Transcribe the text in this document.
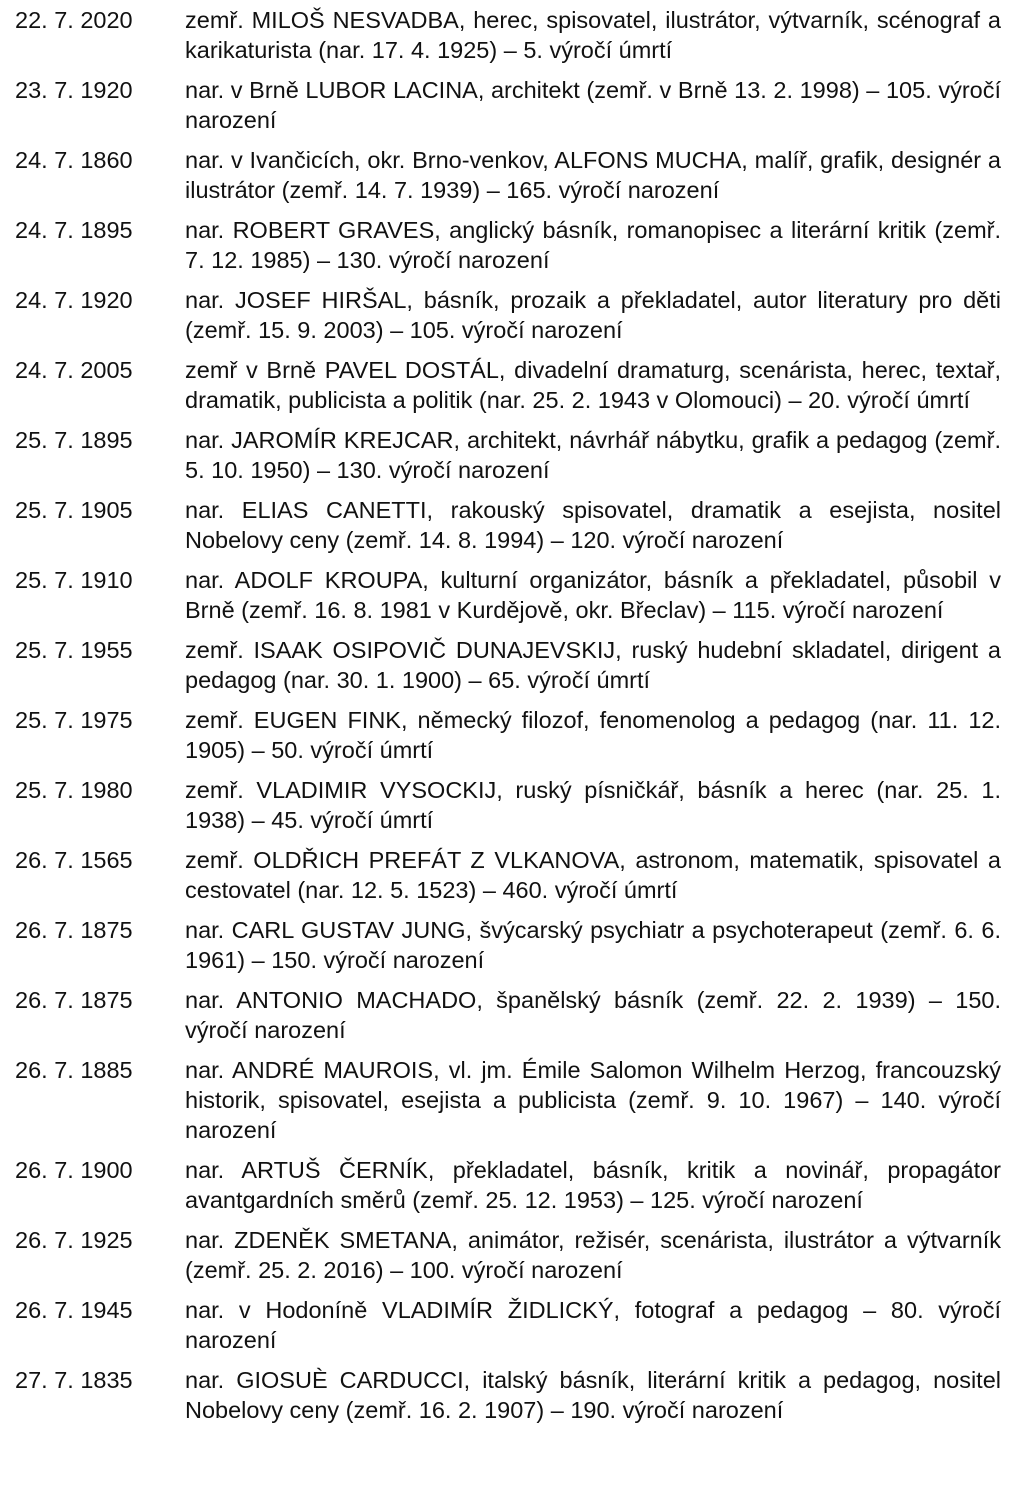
22. 7. 2020	zemř. MILOŠ NESVADBA, herec, spisovatel, ilustrátor, výtvarník, scénograf a karikaturista (nar. 17. 4. 1925) – 5. výročí úmrtí
23. 7. 1920	nar. v Brně LUBOR LACINA, architekt (zemř. v Brně 13. 2. 1998) – 105. výročí narození
24. 7. 1860	nar. v Ivančicích, okr. Brno-venkov, ALFONS MUCHA, malíř, grafik, designér a ilustrátor (zemř. 14. 7. 1939) – 165. výročí narození
24. 7. 1895	nar. ROBERT GRAVES, anglický básník, romanopisec a literární kritik (zemř. 7. 12. 1985) – 130. výročí narození
24. 7. 1920	nar. JOSEF HIRŠAL, básník, prozaik a překladatel, autor literatury pro děti (zemř. 15. 9. 2003) – 105. výročí narození
24. 7. 2005	zemř v Brně PAVEL DOSTÁL, divadelní dramaturg, scenárista, herec, textař, dramatik, publicista a politik (nar. 25. 2. 1943 v Olomouci) – 20. výročí úmrtí
25. 7. 1895	nar. JAROMÍR KREJCAR, architekt, návrhář nábytku, grafik a pedagog (zemř. 5. 10. 1950) – 130. výročí narození
25. 7. 1905	nar. ELIAS CANETTI, rakouský spisovatel, dramatik a esejista, nositel Nobelovy ceny (zemř. 14. 8. 1994) – 120. výročí narození
25. 7. 1910	nar. ADOLF KROUPA, kulturní organizátor, básník a překladatel, působil v Brně (zemř. 16. 8. 1981 v Kurdějově, okr. Břeclav) – 115. výročí narození
25. 7. 1955	zemř. ISAAK OSIPOVIČ DUNAJEVSKIJ, ruský hudební skladatel, dirigent a pedagog (nar. 30. 1. 1900) – 65. výročí úmrtí
25. 7. 1975	zemř. EUGEN FINK, německý filozof, fenomenolog a pedagog (nar. 11. 12. 1905) – 50. výročí úmrtí
25. 7. 1980	zemř. VLADIMIR VYSOCKIJ, ruský písničkář, básník a herec (nar. 25. 1. 1938) – 45. výročí úmrtí
26. 7. 1565	zemř. OLDŘICH PREFÁT Z VLKANOVA, astronom, matematik, spisovatel a cestovatel (nar. 12. 5. 1523) – 460. výročí úmrtí
26. 7. 1875	nar. CARL GUSTAV JUNG, švýcarský psychiatr a psychoterapeut (zemř. 6. 6. 1961) – 150. výročí narození
26. 7. 1875	nar. ANTONIO MACHADO, španělský básník (zemř. 22. 2. 1939) – 150. výročí narození
26. 7. 1885	nar. ANDRÉ MAUROIS, vl. jm. Émile Salomon Wilhelm Herzog, francouzský historik, spisovatel, esejista a publicista (zemř. 9. 10. 1967) – 140. výročí narození
26. 7. 1900	nar. ARTUŠ ČERNÍK, překladatel, básník, kritik a novinář, propagátor avantgardních směrů (zemř. 25. 12. 1953) – 125. výročí narození
26. 7. 1925	nar. ZDENĚK SMETANA, animátor, režisér, scenárista, ilustrátor a výtvarník (zemř. 25. 2. 2016) – 100. výročí narození
26. 7. 1945	nar. v Hodoníně VLADIMÍR ŽIDLICKÝ, fotograf a pedagog – 80. výročí narození
27. 7. 1835	nar. GIOSUÈ CARDUCCI, italský básník, literární kritik a pedagog, nositel Nobelovy ceny (zemř. 16. 2. 1907) – 190. výročí narození
